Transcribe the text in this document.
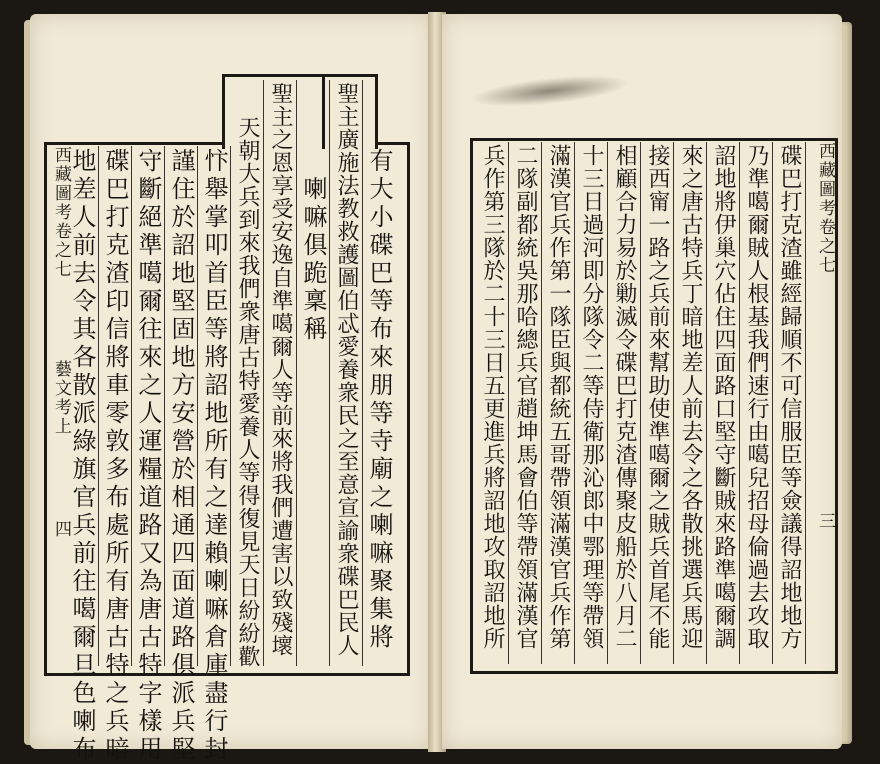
西藏圖考卷之七
藝文考上
四	有大小碟巴等布來朋等寺廟之喇嘛聚集將
聖主廣施法教救護圖伯忒愛養衆民之至意宣諭衆碟巴民人
喇嘛俱跪稟稱
聖主之恩享受安逸自準噶爾人等前來將我們遭害以致殘壞
天朝大兵到來我們衆唐古特愛養人等得復見天日紛紛歡
忭舉掌叩首臣等將詔地所有之達賴喇嘛倉庫盡行封
謹住於詔地堅固地方安營於相通四面道路俱派兵堅
守斷絕準噶爾往來之人運糧道路又為唐古特字樣用
碟巴打克渣印信將車零敦多布處所有唐古特之兵暗
地差人前去令其各散派綠旗官兵前往噶爾旦色喇布	西藏圖考卷之七
三
碟巴打克渣雖經歸順不可信服臣等僉議得詔地地方
乃準噶爾賊人根基我們速行由噶兒招母倫過去攻取
詔地將伊巢穴佔住四面路口堅守斷賊來路準噶爾調
來之唐古特兵丁暗地差人前去令之各散挑選兵馬迎
接西甯一路之兵前來幫助使準噶爾之賊兵首尾不能
相顧合力易於勦滅令碟巴打克渣傳聚皮船於八月二
十三日過河即分隊令二等侍衛那沁郎中鄂理等帶領
滿漢官兵作第一隊臣與都統五哥帶領滿漢官兵作第
二隊副都統吳那哈總兵官趙坤馬會伯等帶領滿漢官
兵作第三隊於二十三日五更進兵將詔地攻取詔地所
